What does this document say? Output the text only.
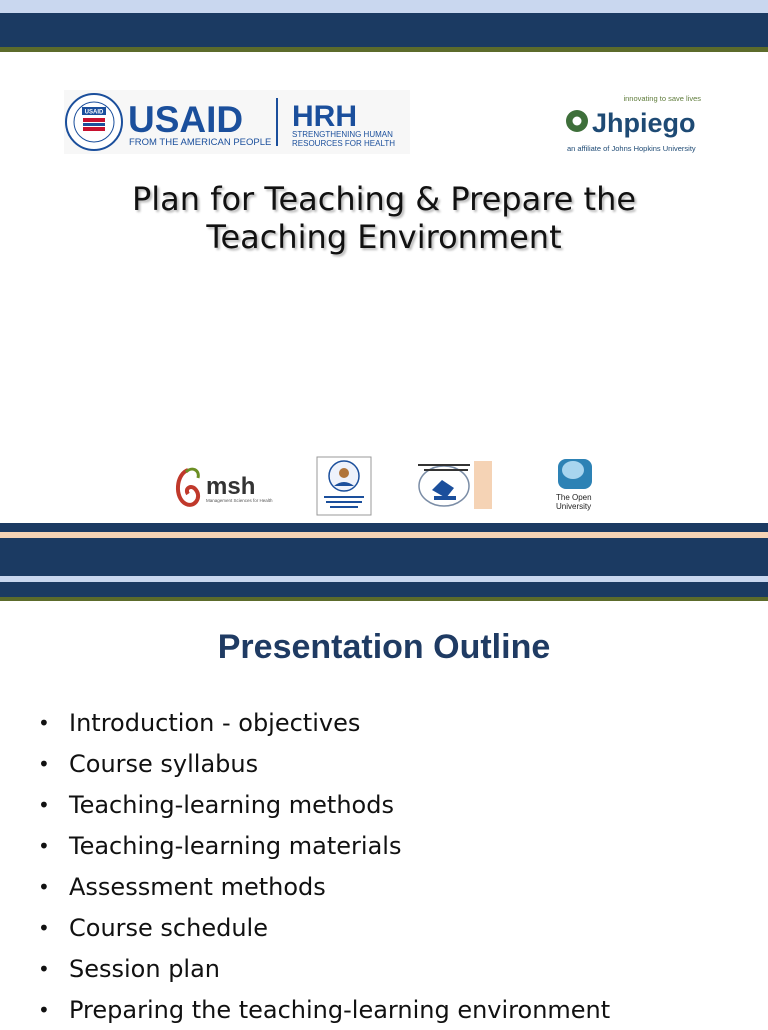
USAID USAID
FROM THE AMERICAN PEOPLE
HRH
STRENGTHENING HUMAN
RESOURCES FOR HEALTH
innovating to save lives
Jhpiego
an affiliate of Johns Hopkins University
Plan for Teaching & Prepare the
Teaching Environment
msh
Management Sciences for Health	The Open
University
Presentation Outline
• Introduction - objectives
• Course syllabus
• Teaching-learning methods
• Teaching-learning materials
• Assessment methods
• Course schedule
• Session plan
• Preparing the teaching-learning environment
